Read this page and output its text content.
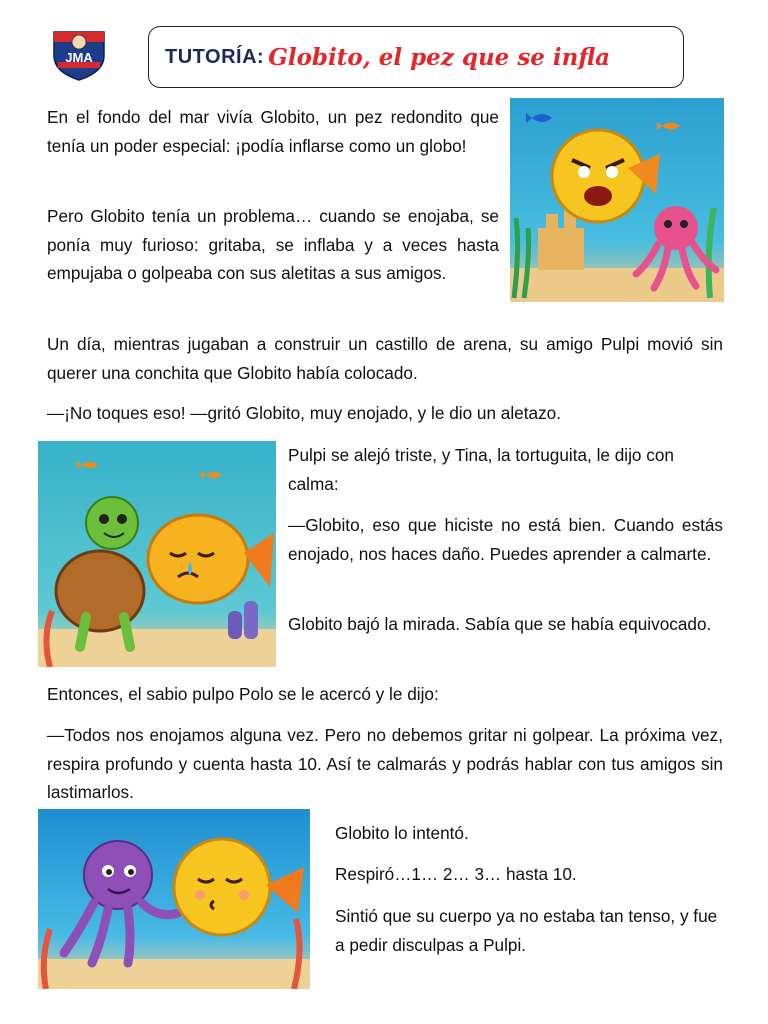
JMA	TUTORÍA: Globito, el pez que se infla
En el fondo del mar vivía Globito, un pez redondito que tenía un poder especial: ¡podía inflarse como un globo!
Pero Globito tenía un problema… cuando se enojaba, se ponía muy furioso: gritaba, se inflaba y a veces hasta empujaba o golpeaba con sus aletitas a sus amigos.
Un día, mientras jugaban a construir un castillo de arena, su amigo Pulpi movió sin querer una conchita que Globito había colocado.
—¡No toques eso! —gritó Globito, muy enojado, y le dio un aletazo.
Pulpi se alejó triste, y Tina, la tortuguita, le dijo con calma:
—Globito, eso que hiciste no está bien. Cuando estás enojado, nos haces daño. Puedes aprender a calmarte.
Globito bajó la mirada. Sabía que se había equivocado.
Entonces, el sabio pulpo Polo se le acercó y le dijo:
—Todos nos enojamos alguna vez. Pero no debemos gritar ni golpear. La próxima vez, respira profundo y cuenta hasta 10. Así te calmarás y podrás hablar con tus amigos sin lastimarlos.
Globito lo intentó.
Respiró…1… 2… 3… hasta 10.
Sintió que su cuerpo ya no estaba tan tenso, y fue a pedir disculpas a Pulpi.
